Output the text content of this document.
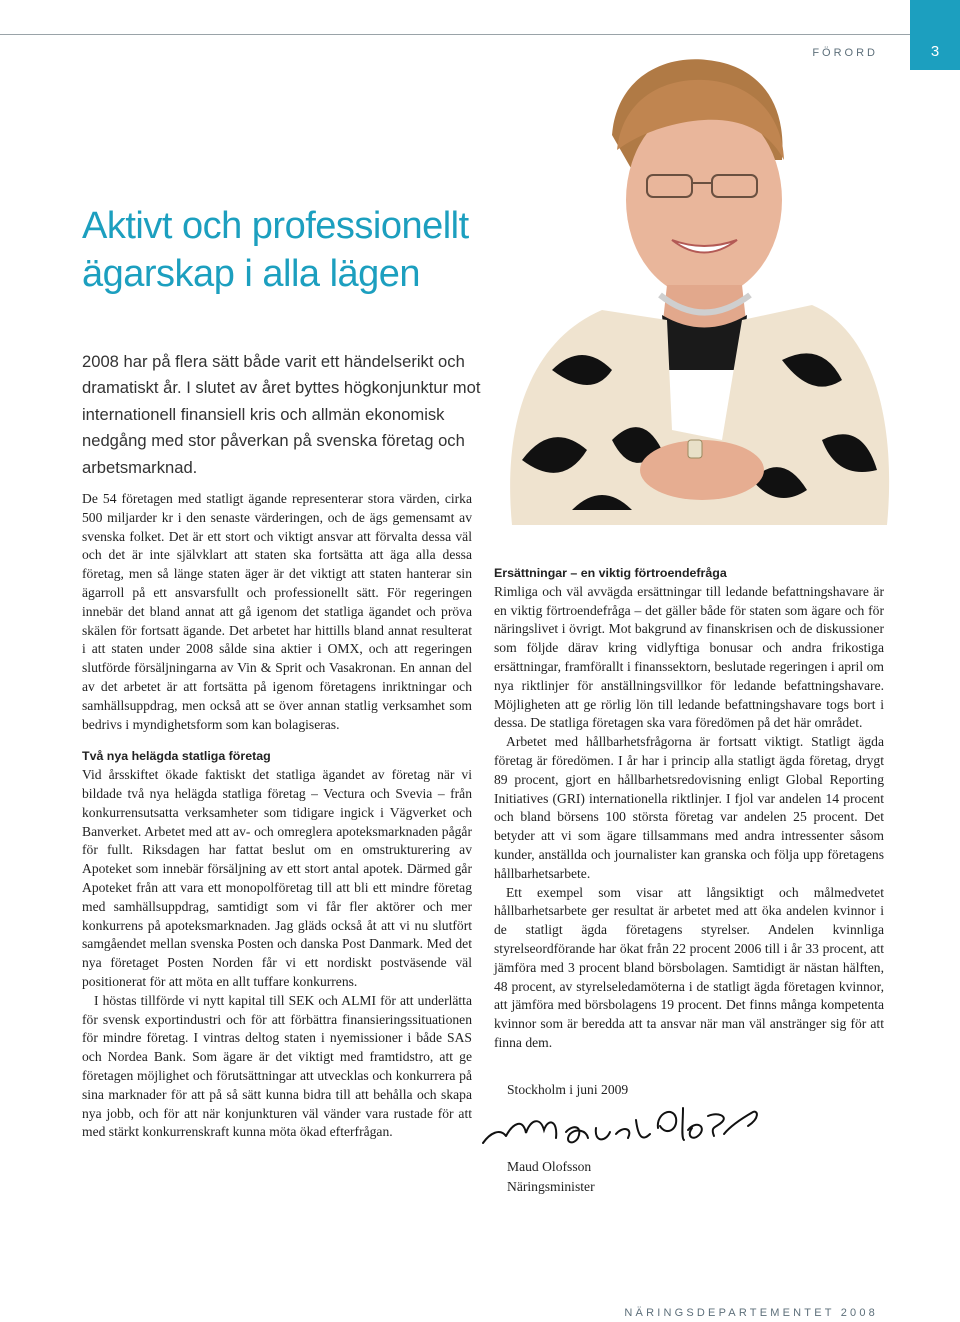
FÖRORD	3
Aktivt och professionellt
ägarskap i alla lägen

2008 har på flera sätt både varit ett händelserikt och dramatiskt år. I slutet av året byttes högkonjunktur mot internationell finansiell kris och allmän ekonomisk nedgång med stor påverkan på svenska företag och arbetsmarknad.

De 54 företagen med statligt ägande representerar stora värden, cirka 500 miljarder kr i den senaste värderingen, och de ägs gemensamt av svenska folket. Det är ett stort och viktigt ansvar att förvalta dessa väl och det är inte självklart att staten ska fortsätta att äga alla dessa företag, men så länge staten äger är det viktigt att staten hanterar sin ägarroll på ett ansvarsfullt och professionellt sätt. För regeringen innebär det bland annat att gå igenom det statliga ägandet och pröva skälen för fortsatt ägande. Det arbetet har hittills bland annat resulterat i att staten under 2008 sålde sina aktier i OMX, och att regeringen slutförde försäljningarna av Vin & Sprit och Vasakronan. En annan del av det arbetet är att fortsätta på igenom företagens inriktningar och samhällsuppdrag, men också att se över annan statlig verksamhet som bedrivs i myndighetsform som kan bolagiseras.

Två nya helägda statliga företag

Vid årsskiftet ökade faktiskt det statliga ägandet av företag när vi bildade två nya helägda statliga företag – Vectura och Svevia – från konkurrensutsatta verksamheter som tidigare ingick i Vägverket och Banverket. Arbetet med att av- och omreglera apoteksmarknaden pågår för fullt. Riksdagen har fattat beslut om en omstrukturering av Apoteket som innebär försäljning av ett stort antal apotek. Därmed går Apoteket från att vara ett monopolföretag till att bli ett mindre företag med samhällsuppdrag, samtidigt som vi får fler aktörer och mer konkurrens på apoteksmarknaden. Jag gläds också åt att vi nu slutfört samgåendet mellan svenska Posten och danska Post Danmark. Med det nya företaget Posten Norden får vi ett nordiskt postväsende väl positionerat för att möta en allt tuffare konkurrens.

I höstas tillförde vi nytt kapital till SEK och ALMI för att underlätta för svensk exportindustri och för att förbättra finansieringssituationen för mindre företag. I vintras deltog staten i nyemissioner i både SAS och Nordea Bank. Som ägare är det viktigt med framtidstro, att ge företagen möjlighet och förutsättningar att utvecklas och konkurrera på sina marknader för att på så sätt kunna bidra till att behålla och skapa nya jobb, och för att när konjunkturen väl vänder vara rustade för att med stärkt konkurrenskraft kunna möta ökad efterfrågan.

Ersättningar – en viktig förtroendefråga

Rimliga och väl avvägda ersättningar till ledande befattningshavare är en viktig förtroendefråga – det gäller både för staten som ägare och för näringslivet i övrigt. Mot bakgrund av finanskrisen och de diskussioner som följde därav kring vidlyftiga bonusar och andra frikostiga ersättningar, framförallt i finanssektorn, beslutade regeringen i april om nya riktlinjer för anställningsvillkor för ledande befattningshavare. Möjligheten att ge rörlig lön till ledande befattningshavare togs bort i dessa. De statliga företagen ska vara föredömen på det här området.

Arbetet med hållbarhetsfrågorna är fortsatt viktigt. Statligt ägda företag är föredömen. I år har i princip alla statligt ägda företag, drygt 89 procent, gjort en hållbarhetsredovisning enligt Global Reporting Initiatives (GRI) internationella riktlinjer. I fjol var andelen 14 procent och bland börsens 100 största företag var andelen 25 procent. Det betyder att vi som ägare tillsammans med andra intressenter såsom kunder, anställda och journalister kan granska och följa upp företagens hållbarhetsarbete.

Ett exempel som visar att långsiktigt och målmedvetet hållbarhetsarbete ger resultat är arbetet med att öka andelen kvinnor i de statligt ägda företagens styrelser. Andelen kvinnliga styrelseordförande har ökat från 22 procent 2006 till i år 33 procent, att jämföra med 3 procent bland börsbolagen. Samtidigt är nästan hälften, 48 procent, av styrelseledamöterna i de statligt ägda företagen kvinnor, att jämföra med börsbolagens 19 procent. Det finns många kompetenta kvinnor som är beredda att ta ansvar när man väl anstränger sig för att finna dem.

Stockholm i juni 2009
Maud Olofsson
Näringsminister
NÄRINGSDEPARTEMENTET 2008
